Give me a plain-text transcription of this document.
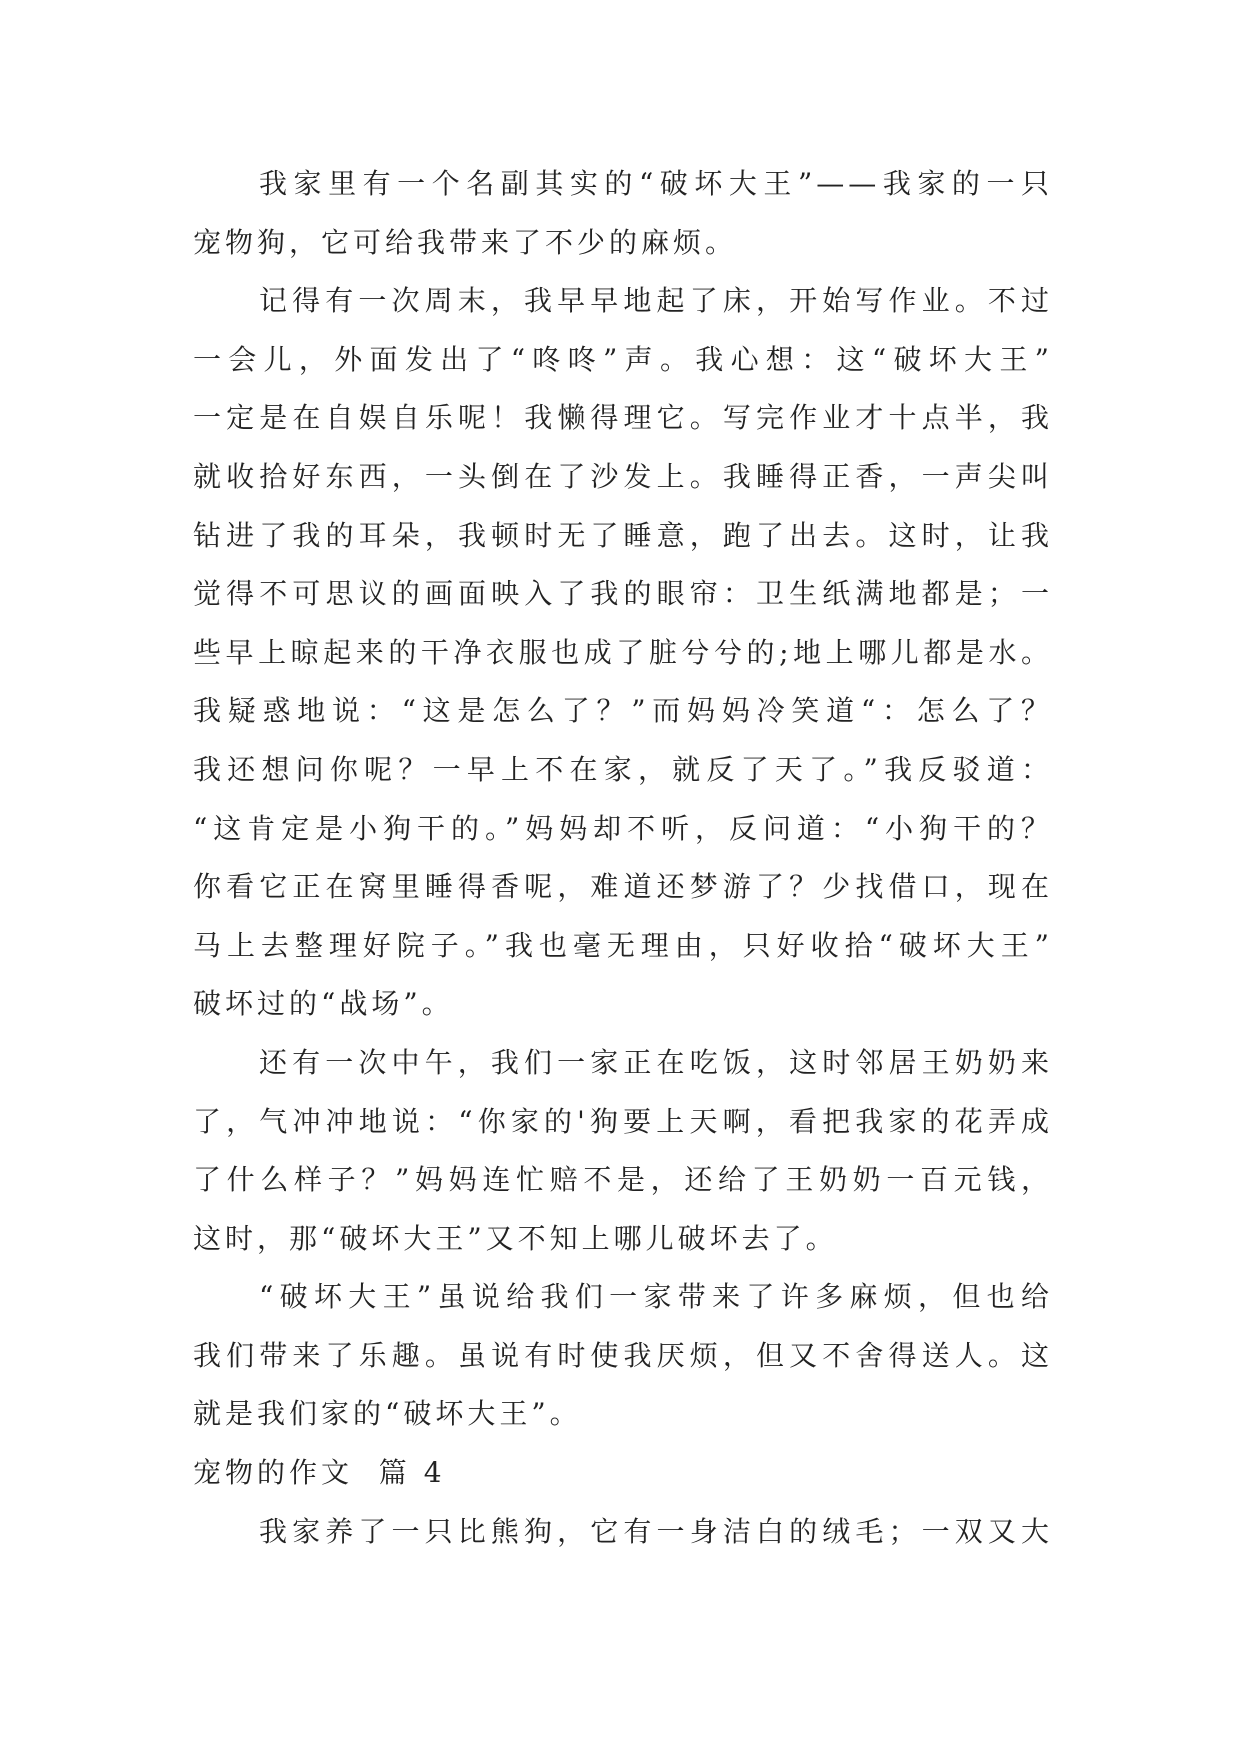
我家里有一个名副其实的“破坏大王”——我家的一只
宠物狗，它可给我带来了不少的麻烦。
记得有一次周末，我早早地起了床，开始写作业。不过
一会儿，外面发出了“咚咚”声。我心想：这“破坏大王”
一定是在自娱自乐呢！我懒得理它。写完作业才十点半，我
就收拾好东西，一头倒在了沙发上。我睡得正香，一声尖叫
钻进了我的耳朵，我顿时无了睡意，跑了出去。这时，让我
觉得不可思议的画面映入了我的眼帘：卫生纸满地都是；一
些早上晾起来的干净衣服也成了脏兮兮的;地上哪儿都是水。
我疑惑地说：“这是怎么了？”而妈妈冷笑道“：怎么了？
我还想问你呢？一早上不在家，就反了天了。”我反驳道：
“这肯定是小狗干的。”妈妈却不听，反问道：“小狗干的？
你看它正在窝里睡得香呢，难道还梦游了？少找借口，现在
马上去整理好院子。”我也毫无理由，只好收拾“破坏大王”
破坏过的“战场”。
还有一次中午，我们一家正在吃饭，这时邻居王奶奶来
了，气冲冲地说：“你家的'狗要上天啊，看把我家的花弄成
了什么样子？”妈妈连忙赔不是，还给了王奶奶一百元钱，
这时，那“破坏大王”又不知上哪儿破坏去了。
“破坏大王”虽说给我们一家带来了许多麻烦，但也给
我们带来了乐趣。虽说有时使我厌烦，但又不舍得送人。这
就是我们家的“破坏大王”。
宠物的作文  篇 4
我家养了一只比熊狗，它有一身洁白的绒毛；一双又大
